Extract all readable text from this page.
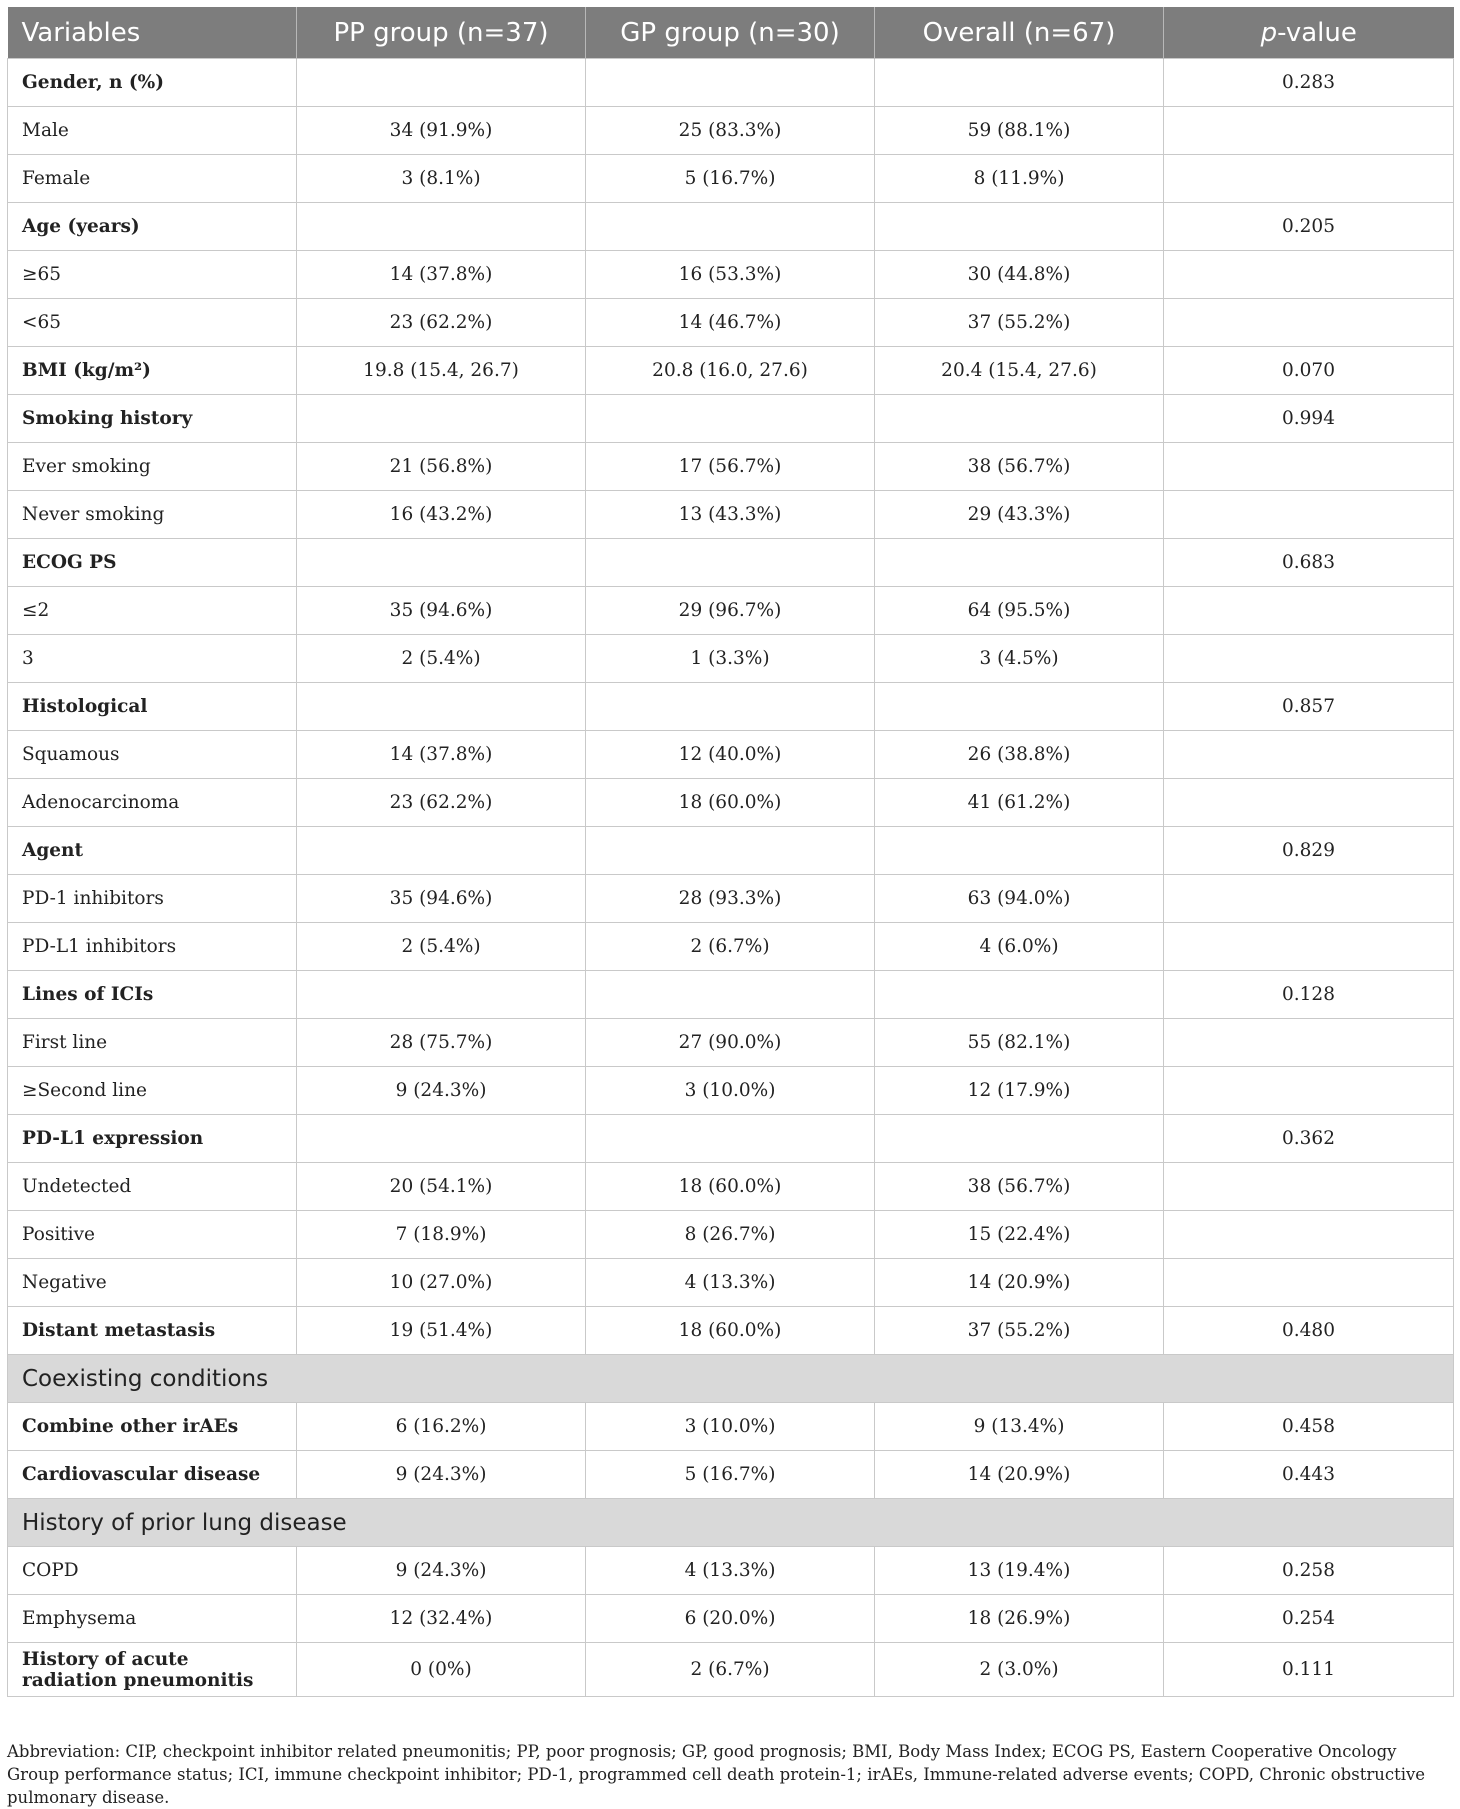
Variables	PP group (n=37)	GP group (n=30)	Overall (n=67)	p-value
Gender, n (%)				0.283
Male	34 (91.9%)	25 (83.3%)	59 (88.1%)	
Female	3 (8.1%)	5 (16.7%)	8 (11.9%)	
Age (years)				0.205
≥65	14 (37.8%)	16 (53.3%)	30 (44.8%)	
<65	23 (62.2%)	14 (46.7%)	37 (55.2%)	
BMI (kg/m²)	19.8 (15.4, 26.7)	20.8 (16.0, 27.6)	20.4 (15.4, 27.6)	0.070
Smoking history				0.994
Ever smoking	21 (56.8%)	17 (56.7%)	38 (56.7%)	
Never smoking	16 (43.2%)	13 (43.3%)	29 (43.3%)	
ECOG PS				0.683
≤2	35 (94.6%)	29 (96.7%)	64 (95.5%)	
3	2 (5.4%)	1 (3.3%)	3 (4.5%)	
Histological				0.857
Squamous	14 (37.8%)	12 (40.0%)	26 (38.8%)	
Adenocarcinoma	23 (62.2%)	18 (60.0%)	41 (61.2%)	
Agent				0.829
PD-1 inhibitors	35 (94.6%)	28 (93.3%)	63 (94.0%)	
PD-L1 inhibitors	2 (5.4%)	2 (6.7%)	4 (6.0%)	
Lines of ICIs				0.128
First line	28 (75.7%)	27 (90.0%)	55 (82.1%)	
≥Second line	9 (24.3%)	3 (10.0%)	12 (17.9%)	
PD-L1 expression				0.362
Undetected	20 (54.1%)	18 (60.0%)	38 (56.7%)	
Positive	7 (18.9%)	8 (26.7%)	15 (22.4%)	
Negative	10 (27.0%)	4 (13.3%)	14 (20.9%)	
Distant metastasis	19 (51.4%)	18 (60.0%)	37 (55.2%)	0.480
Coexisting conditions				
Combine other irAEs	6 (16.2%)	3 (10.0%)	9 (13.4%)	0.458
Cardiovascular disease	9 (24.3%)	5 (16.7%)	14 (20.9%)	0.443
History of prior lung disease				
COPD	9 (24.3%)	4 (13.3%)	13 (19.4%)	0.258
Emphysema	12 (32.4%)	6 (20.0%)	18 (26.9%)	0.254
History of acute radiation pneumonitis	0 (0%)	2 (6.7%)	2 (3.0%)	0.111
Abbreviation: CIP, checkpoint inhibitor related pneumonitis; PP, poor prognosis; GP, good prognosis; BMI, Body Mass Index; ECOG PS, Eastern Cooperative Oncology Group performance status; ICI, immune checkpoint inhibitor; PD-1, programmed cell death protein-1; irAEs, Immune-related adverse events; COPD, Chronic obstructive pulmonary disease.
